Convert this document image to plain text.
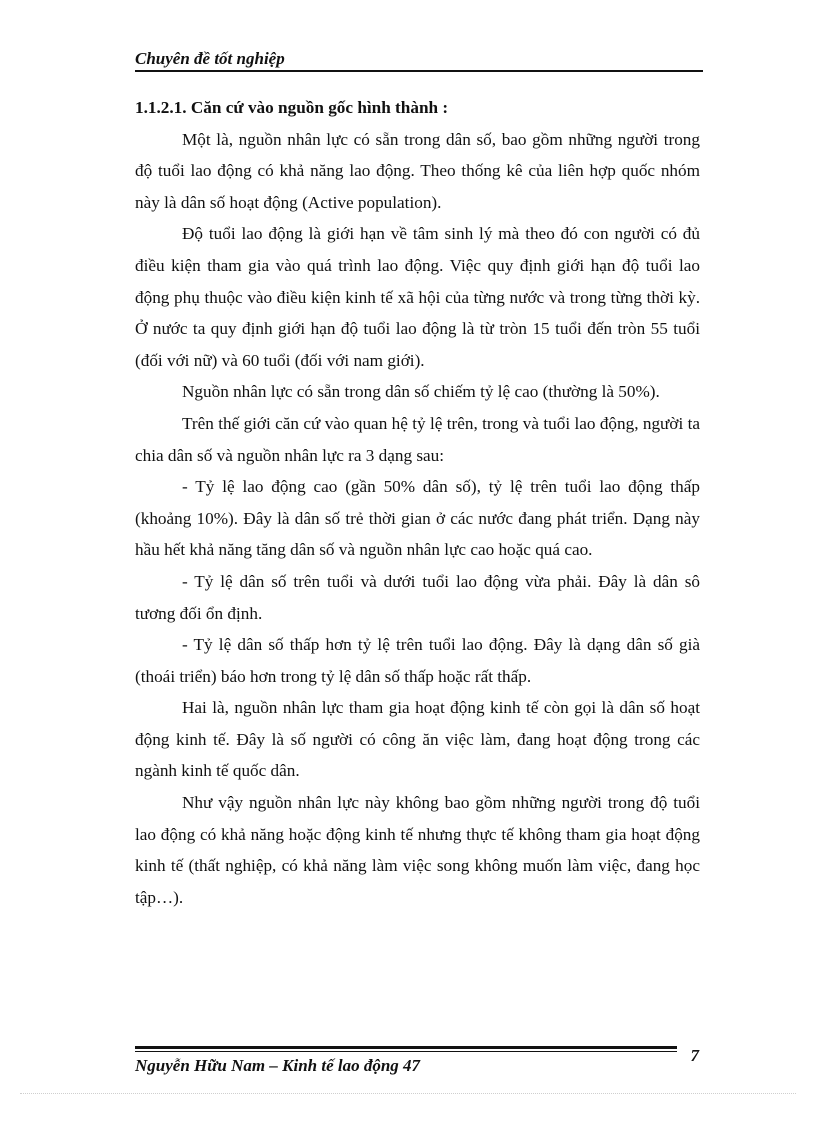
Chuyên đề tốt nghiệp
1.1.2.1. Căn cứ vào nguồn gốc hình thành :

Một là, nguồn nhân lực có sẵn trong dân số, bao gồm những người trong độ tuổi lao động có khả năng lao động. Theo thống kê của liên hợp quốc nhóm này là dân số hoạt động (Active population).

Độ tuổi lao động là giới hạn về tâm sinh lý mà theo đó con người có đủ điều kiện tham gia vào quá trình lao động. Việc quy định giới hạn độ tuổi lao động phụ thuộc vào điều kiện kinh tế xã hội của từng nước và trong từng thời kỳ. Ở nước ta quy định giới hạn độ tuổi lao động là từ tròn 15 tuổi đến tròn 55 tuổi (đối với nữ) và 60 tuổi (đối với nam giới).

Nguồn nhân lực có sẵn trong dân số chiếm tỷ lệ cao (thường là 50%).

Trên thế giới căn cứ vào quan hệ tỷ lệ trên, trong và tuổi lao động, người ta chia dân số và nguồn nhân lực ra 3 dạng sau:

- Tỷ lệ lao động cao (gần 50% dân số), tỷ lệ trên tuổi lao động thấp (khoảng 10%). Đây là dân số trẻ thời gian ở các nước đang phát triển. Dạng này hầu hết khả năng tăng dân số và nguồn nhân lực cao hoặc quá cao.

- Tỷ lệ dân số trên tuổi và dưới tuổi lao động vừa phải. Đây là dân sô tương đối ổn định.

- Tỷ lệ dân số thấp hơn tỷ lệ trên tuổi lao động. Đây là dạng dân số già (thoái triển) báo hơn trong tỷ lệ dân số thấp hoặc rất thấp.

Hai là, nguồn nhân lực tham gia hoạt động kinh tế còn gọi là dân số hoạt động kinh tế. Đây là số người có công ăn việc làm, đang hoạt động trong các ngành kinh tế quốc dân.

Như vậy nguồn nhân lực này không bao gồm những người trong độ tuổi lao động có khả năng hoặc động kinh tế nhưng thực tế không tham gia hoạt động kinh tế (thất nghiệp, có khả năng làm việc song không muốn làm việc, đang học tập…).

Nguyễn Hữu Nam – Kinh tế lao động 47
7
